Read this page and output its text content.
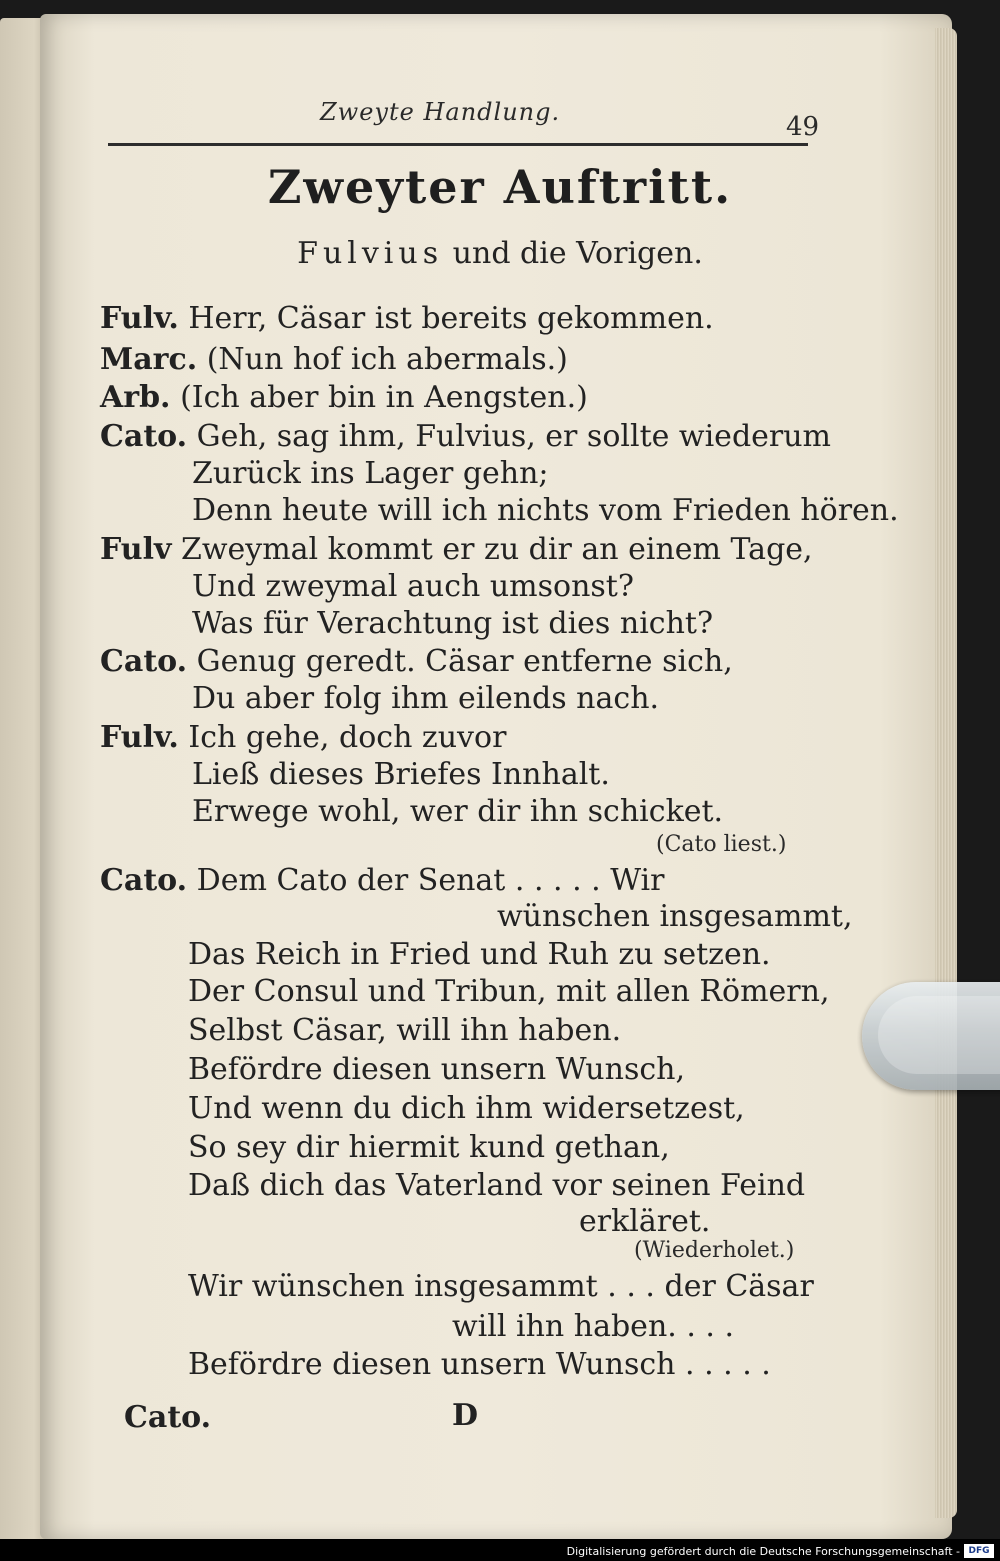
Zweyte Handlung.	49
Zweyter Auftritt.
Fulvius und die Vorigen.
Fulv. Herr, Cäsar ist bereits gekommen.
Marc. (Nun hof ich abermals.)
Arb. (Ich aber bin in Aengsten.)
Cato. Geh, sag ihm, Fulvius, er sollte wiederum
Zurück ins Lager gehn;
Denn heute will ich nichts vom Frieden hören.
Fulv Zweymal kommt er zu dir an einem Tage,
Und zweymal auch umsonst?
Was für Verachtung ist dies nicht?
Cato. Genug geredt. Cäsar entferne sich,
Du aber folg ihm eilends nach.
Fulv. Ich gehe, doch zuvor
Ließ dieses Briefes Innhalt.
Erwege wohl, wer dir ihn schicket.
(Cato liest.)
Cato. Dem Cato der Senat . . . . . Wir
wünschen insgesammt,
Das Reich in Fried und Ruh zu setzen.
Der Consul und Tribun, mit allen Römern,
Selbst Cäsar, will ihn haben.
Befördre diesen unsern Wunsch,
Und wenn du dich ihm widersetzest,
So sey dir hiermit kund gethan,
Daß dich das Vaterland vor seinen Feind
erkläret.
(Wiederholet.)
Wir wünschen insgesammt . . . der Cäsar
will ihn haben. . . .
Befördre diesen unsern Wunsch . . . . .
Cato.	D
Digitalisierung gefördert durch die Deutsche Forschungsgemeinschaft - DFG
